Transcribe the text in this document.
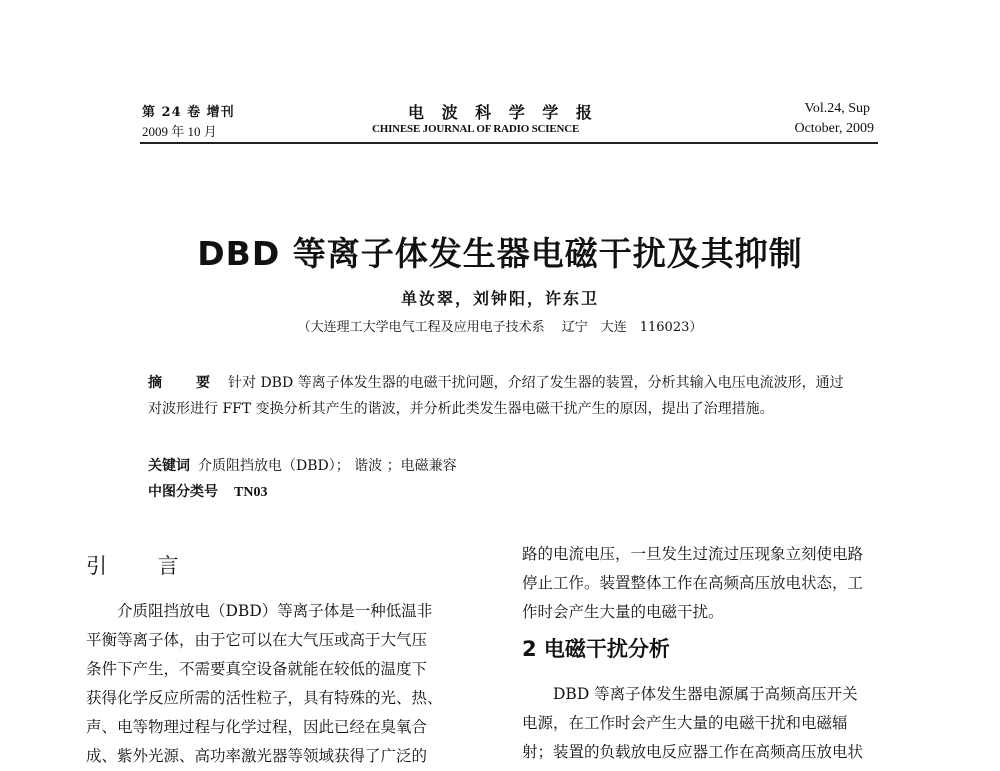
第 24 卷 增刊
2009 年 10 月
电 波 科 学 学 报
CHINESE JOURNAL OF RADIO SCIENCE
Vol.24, Sup
October, 2009
DBD 等离子体发生器电磁干扰及其抑制
单汝翠，刘钟阳，许东卫
（大连理工大学电气工程及应用电子技术系　 辽宁　大连　116023）
摘　要 针对 DBD 等离子体发生器的电磁干扰问题，介绍了发生器的装置，分析其输入电压电流波形，通过对波形进行 FFT 变换分析其产生的谐波，并分析此类发生器电磁干扰产生的原因，提出了治理措施。
关键词 介质阻挡放电（DBD）； 谐波 ；电磁兼容
中图分类号 TN03
引 言

介质阻挡放电（DBD）等离子体是一种低温非

平衡等离子体，由于它可以在大气压或高于大气压

条件下产生，不需要真空设备就能在较低的温度下

获得化学反应所需的活性粒子，具有特殊的光、热、

声、电等物理过程与化学过程，因此已经在臭氧合

成、紫外光源、高功率激光器等领域获得了广泛的

路的电流电压，一旦发生过流过压现象立刻使电路

停止工作。装置整体工作在高频高压放电状态，工

作时会产生大量的电磁干扰。

2 电磁干扰分析

DBD 等离子体发生器电源属于高频高压开关

电源，在工作时会产生大量的电磁干扰和电磁辐

射；装置的负载放电反应器工作在高频高压放电状
